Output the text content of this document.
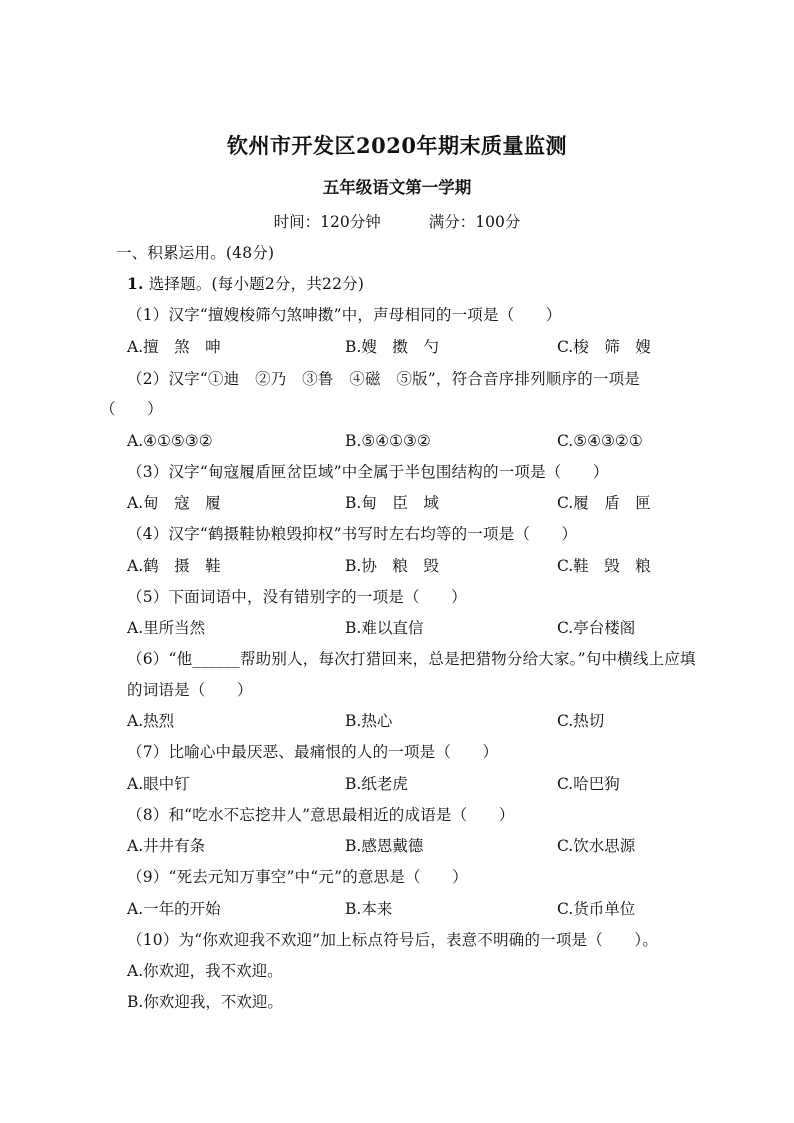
钦州市开发区2020年期末质量监测
五年级语文第一学期
时间：120分钟	满分：100分
一、积累运用。(48分)
1. 选择题。(每小题2分，共22分)
（1）汉字“擅嫂梭筛勺煞呻擞”中，声母相同的一项是（　　）
A.擅　煞　呻	B.嫂　擞　勺	C.梭　筛　嫂
（2）汉字“①迪　②乃　③鲁　④磁　⑤版”，符合音序排列顺序的一项是
（　　）
A.④①⑤③②	B.⑤④①③②	C.⑤④③②①
（3）汉字“甸寇履盾匣岔臣域”中全属于半包围结构的一项是（　　）
A.甸　寇　履	B.甸　臣　域	C.履　盾　匣
（4）汉字“鹤摄鞋协粮毁抑权”书写时左右均等的一项是（　　）
A.鹤　摄　鞋	B.协　粮　毁	C.鞋　毁　粮
（5）下面词语中，没有错别字的一项是（　　）
A.里所当然	B.难以直信	C.亭台楼阁
（6）“他______帮助别人，每次打猎回来，总是把猎物分给大家。”句中横线上应填
的词语是（　　）
A.热烈	B.热心	C.热切
（7）比喻心中最厌恶、最痛恨的人的一项是（　　）
A.眼中钉	B.纸老虎	C.哈巴狗
（8）和“吃水不忘挖井人”意思最相近的成语是（　　）
A.井井有条	B.感恩戴德	C.饮水思源
（9）“死去元知万事空”中“元”的意思是（　　）
A.一年的开始	B.本来	C.货币单位
（10）为“你欢迎我不欢迎”加上标点符号后，表意不明确的一项是（　　）。
A.你欢迎，我不欢迎。
B.你欢迎我，不欢迎。
